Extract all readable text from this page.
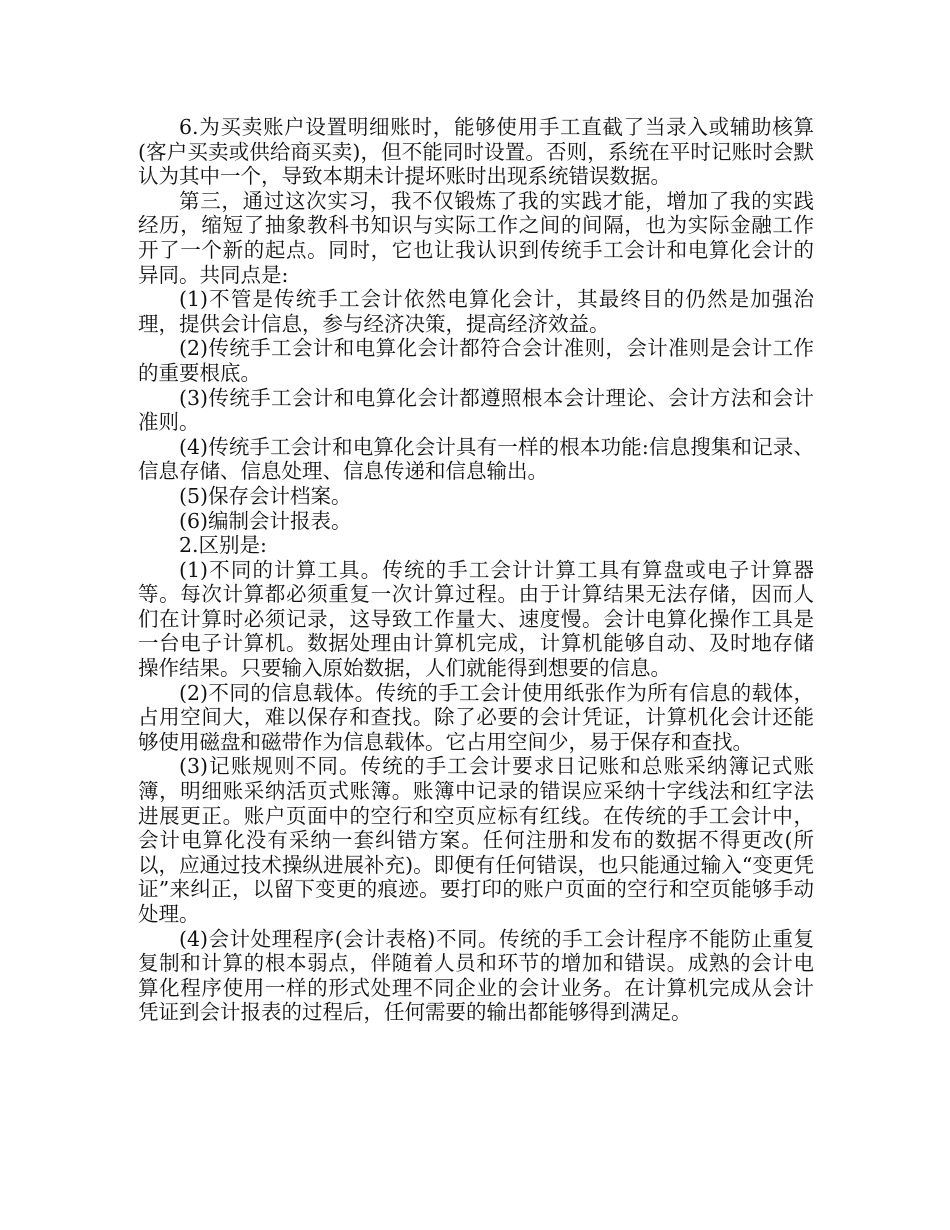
6.为买卖账户设置明细账时，能够使用手工直截了当录入或辅助核算(客户买卖或供给商买卖)，但不能同时设置。否则，系统在平时记账时会默认为其中一个，导致本期未计提坏账时出现系统错误数据。

第三，通过这次实习，我不仅锻炼了我的实践才能，增加了我的实践经历，缩短了抽象教科书知识与实际工作之间的间隔，也为实际金融工作开了一个新的起点。同时，它也让我认识到传统手工会计和电算化会计的异同。共同点是:

(1)不管是传统手工会计依然电算化会计，其最终目的仍然是加强治理，提供会计信息，参与经济决策，提高经济效益。

(2)传统手工会计和电算化会计都符合会计准则，会计准则是会计工作的重要根底。

(3)传统手工会计和电算化会计都遵照根本会计理论、会计方法和会计准则。

(4)传统手工会计和电算化会计具有一样的根本功能:信息搜集和记录、信息存储、信息处理、信息传递和信息输出。

(5)保存会计档案。

(6)编制会计报表。

2.区别是:

(1)不同的计算工具。传统的手工会计计算工具有算盘或电子计算器等。每次计算都必须重复一次计算过程。由于计算结果无法存储，因而人们在计算时必须记录，这导致工作量大、速度慢。会计电算化操作工具是一台电子计算机。数据处理由计算机完成，计算机能够自动、及时地存储操作结果。只要输入原始数据，人们就能得到想要的信息。

(2)不同的信息载体。传统的手工会计使用纸张作为所有信息的载体，占用空间大，难以保存和查找。除了必要的会计凭证，计算机化会计还能够使用磁盘和磁带作为信息载体。它占用空间少，易于保存和查找。

(3)记账规则不同。传统的手工会计要求日记账和总账采纳簿记式账簿，明细账采纳活页式账簿。账簿中记录的错误应采纳十字线法和红字法进展更正。账户页面中的空行和空页应标有红线。在传统的手工会计中，会计电算化没有采纳一套纠错方案。任何注册和发布的数据不得更改(所以，应通过技术操纵进展补充)。即便有任何错误，也只能通过输入“变更凭证”来纠正，以留下变更的痕迹。要打印的账户页面的空行和空页能够手动处理。

(4)会计处理程序(会计表格)不同。传统的手工会计程序不能防止重复复制和计算的根本弱点，伴随着人员和环节的增加和错误。成熟的会计电算化程序使用一样的形式处理不同企业的会计业务。在计算机完成从会计凭证到会计报表的过程后，任何需要的输出都能够得到满足。
